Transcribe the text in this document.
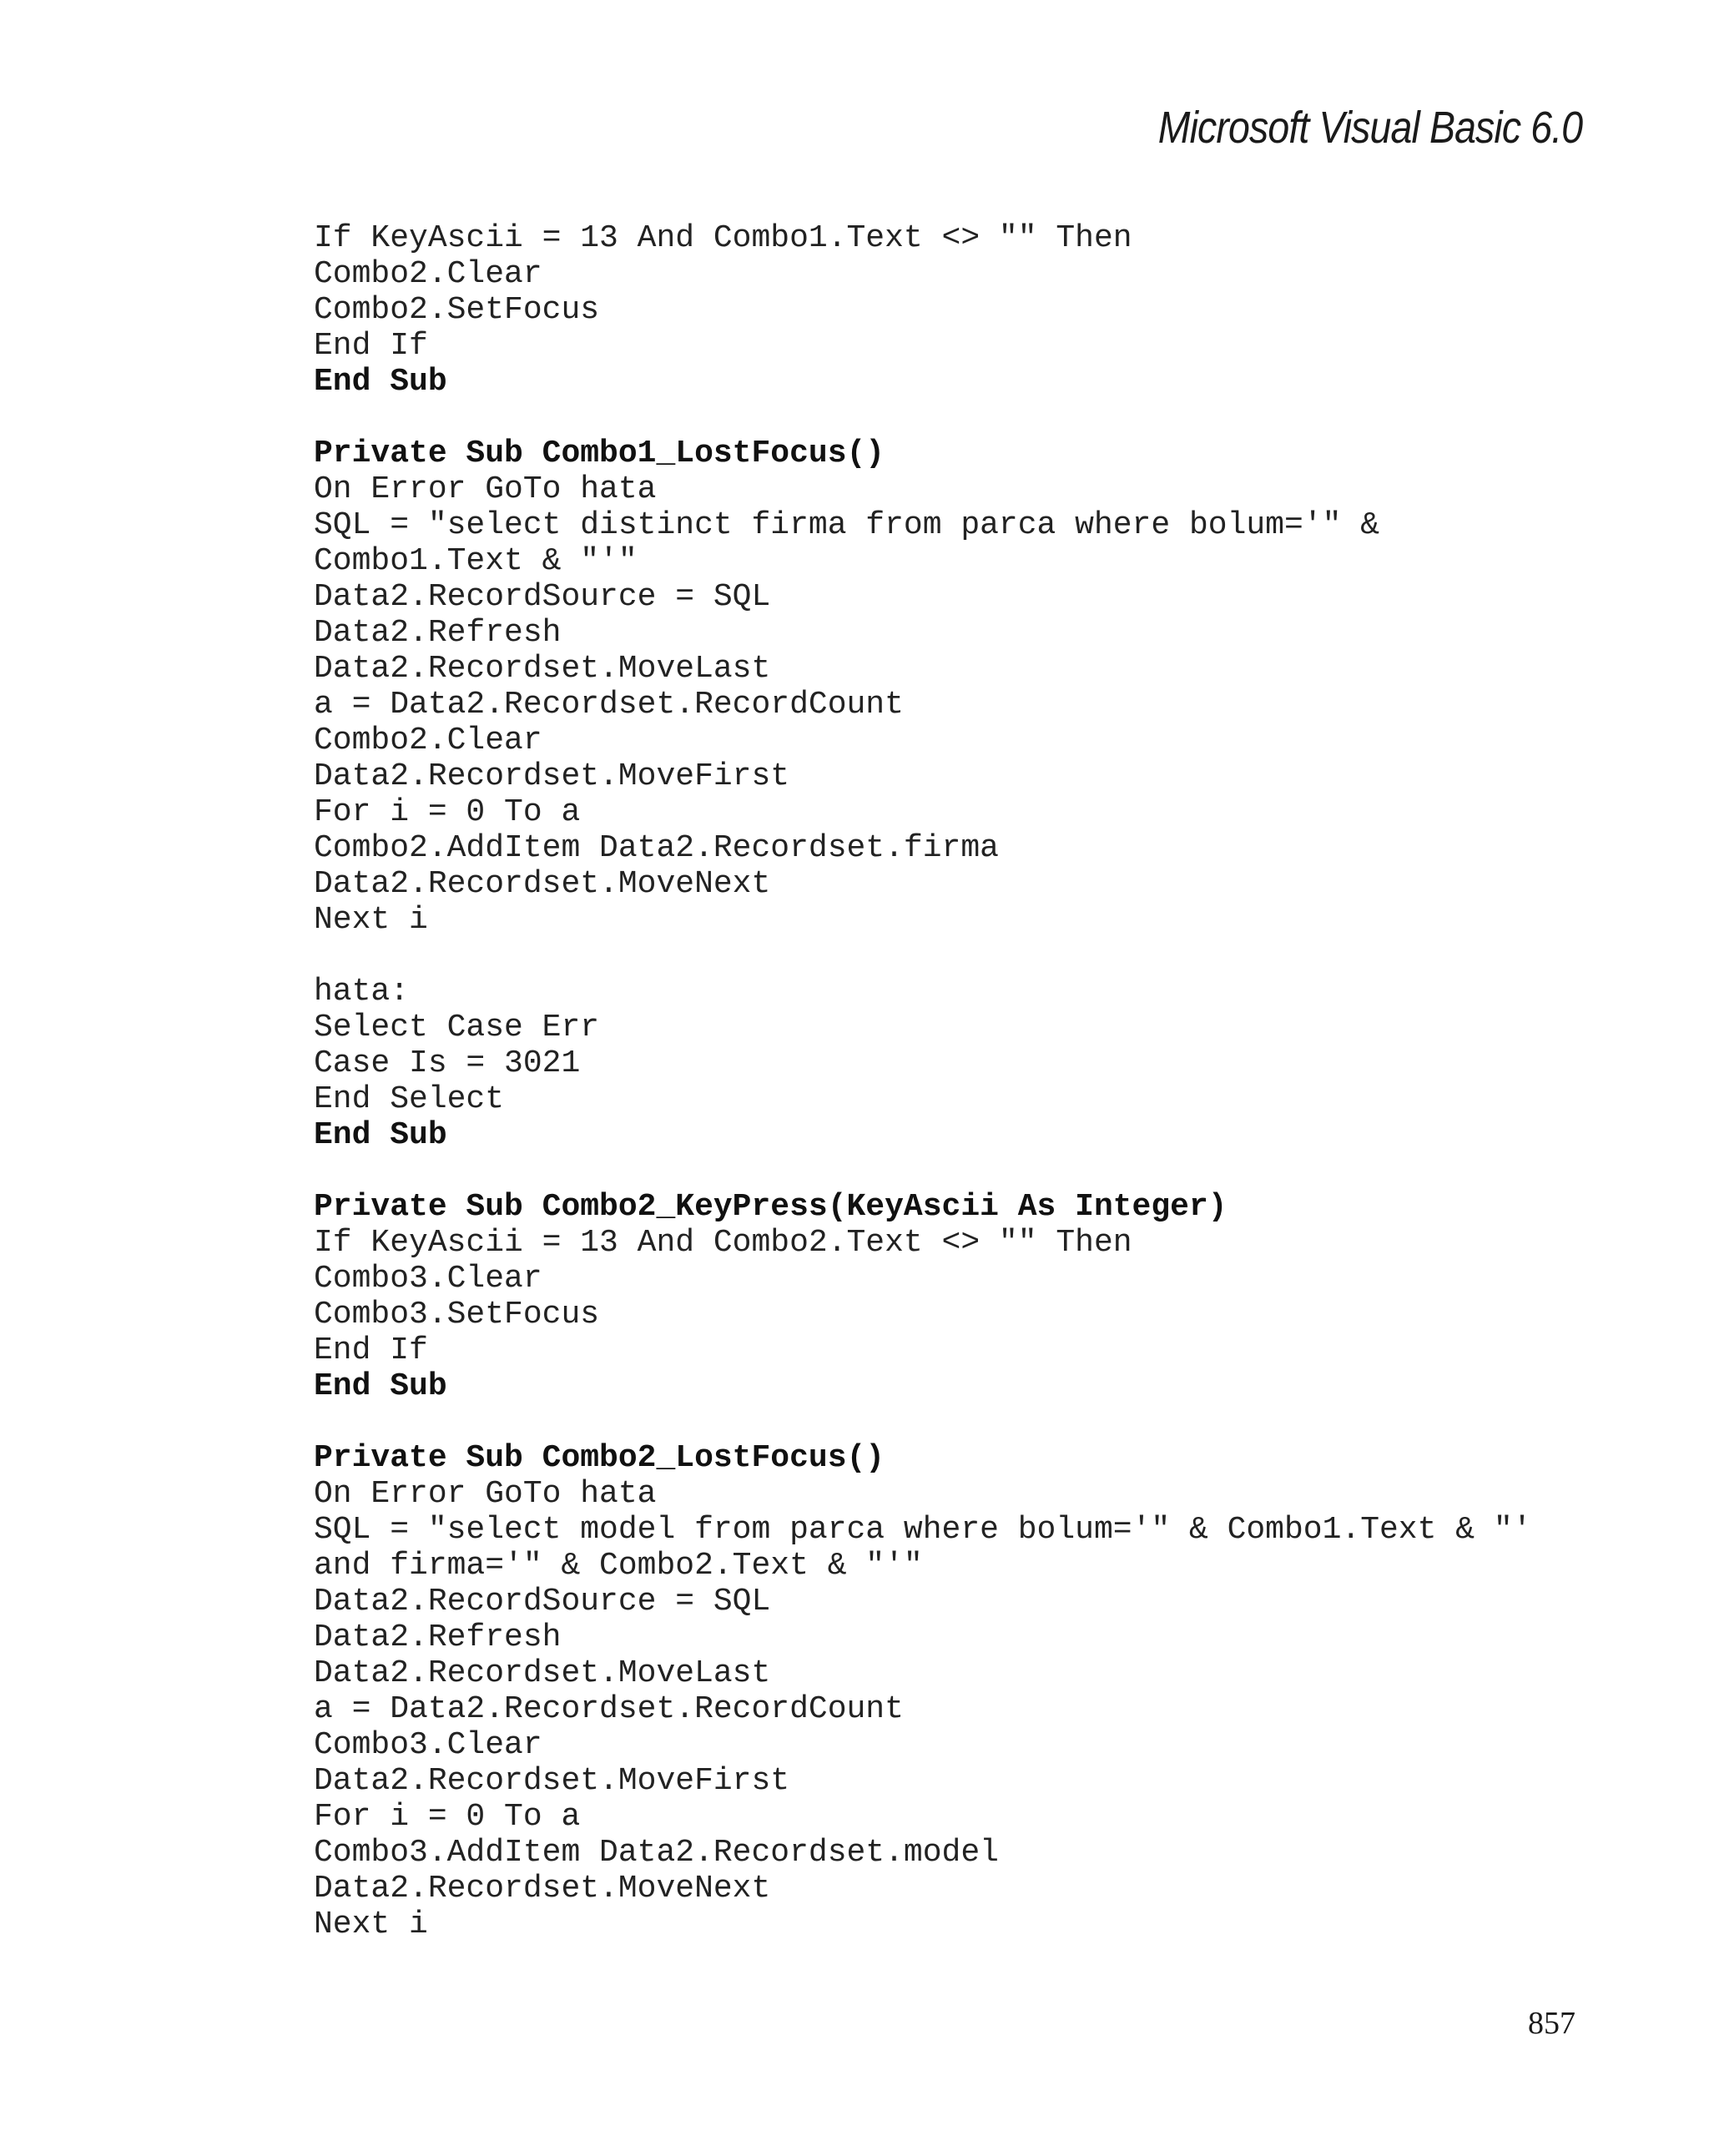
Microsoft Visual Basic 6.0
If KeyAscii = 13 And Combo1.Text <> "" Then
Combo2.Clear
Combo2.SetFocus
End If
End Sub
Private Sub Combo1_LostFocus()
On Error GoTo hata
SQL = "select distinct firma from parca where bolum='" &
Combo1.Text & "'"
Data2.RecordSource = SQL
Data2.Refresh
Data2.Recordset.MoveLast
a = Data2.Recordset.RecordCount
Combo2.Clear
Data2.Recordset.MoveFirst
For i = 0 To a
Combo2.AddItem Data2.Recordset.firma
Data2.Recordset.MoveNext
Next i
hata:
Select Case Err
Case Is = 3021
End Select
End Sub
Private Sub Combo2_KeyPress(KeyAscii As Integer)
If KeyAscii = 13 And Combo2.Text <> "" Then
Combo3.Clear
Combo3.SetFocus
End If
End Sub
Private Sub Combo2_LostFocus()
On Error GoTo hata
SQL = "select model from parca where bolum='" & Combo1.Text & "'
and firma='" & Combo2.Text & "'"
Data2.RecordSource = SQL
Data2.Refresh
Data2.Recordset.MoveLast
a = Data2.Recordset.RecordCount
Combo3.Clear
Data2.Recordset.MoveFirst
For i = 0 To a
Combo3.AddItem Data2.Recordset.model
Data2.Recordset.MoveNext
Next i
857
